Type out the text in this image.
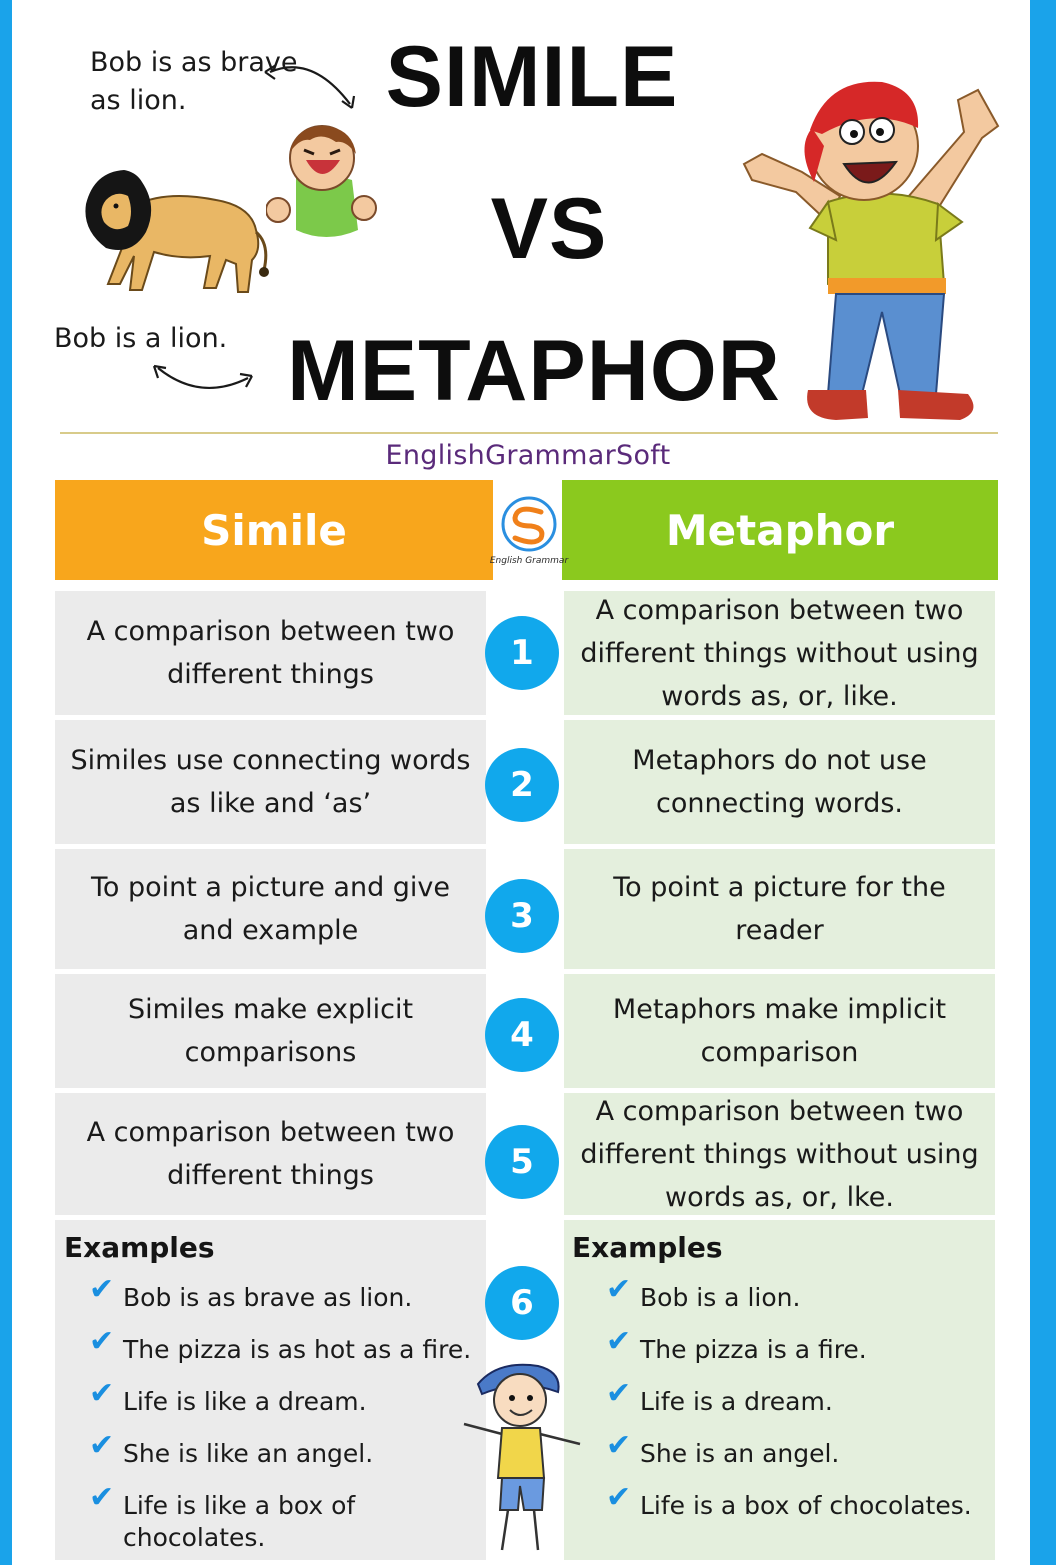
SIMILE
VS
METAPHOR
Bob is as brave as lion.
Bob is a lion.
EnglishGrammarSoft
Simile	Metaphor
English Grammar
A comparison between two different things
A comparison between two different things without using words as, or, like.
1
Similes use connecting words as like and ‘as’
Metaphors do not use connecting words.
2
To point a picture and give and example
To point a picture for the reader
3
Similes make explicit comparisons
Metaphors make implicit comparison
4
A comparison between two different things
A comparison between two different things without using words as, or, lke.
5
Examples
✔ Bob is as brave as lion.
✔ The pizza is as hot as a fire.
✔ Life is like a dream.
✔ She is like an angel.
✔ Life is like a box of chocolates.
Examples
✔ Bob is a lion.
✔ The pizza is a fire.
✔ Life is a dream.
✔ She is an angel.
✔ Life is a box of chocolates.
6
